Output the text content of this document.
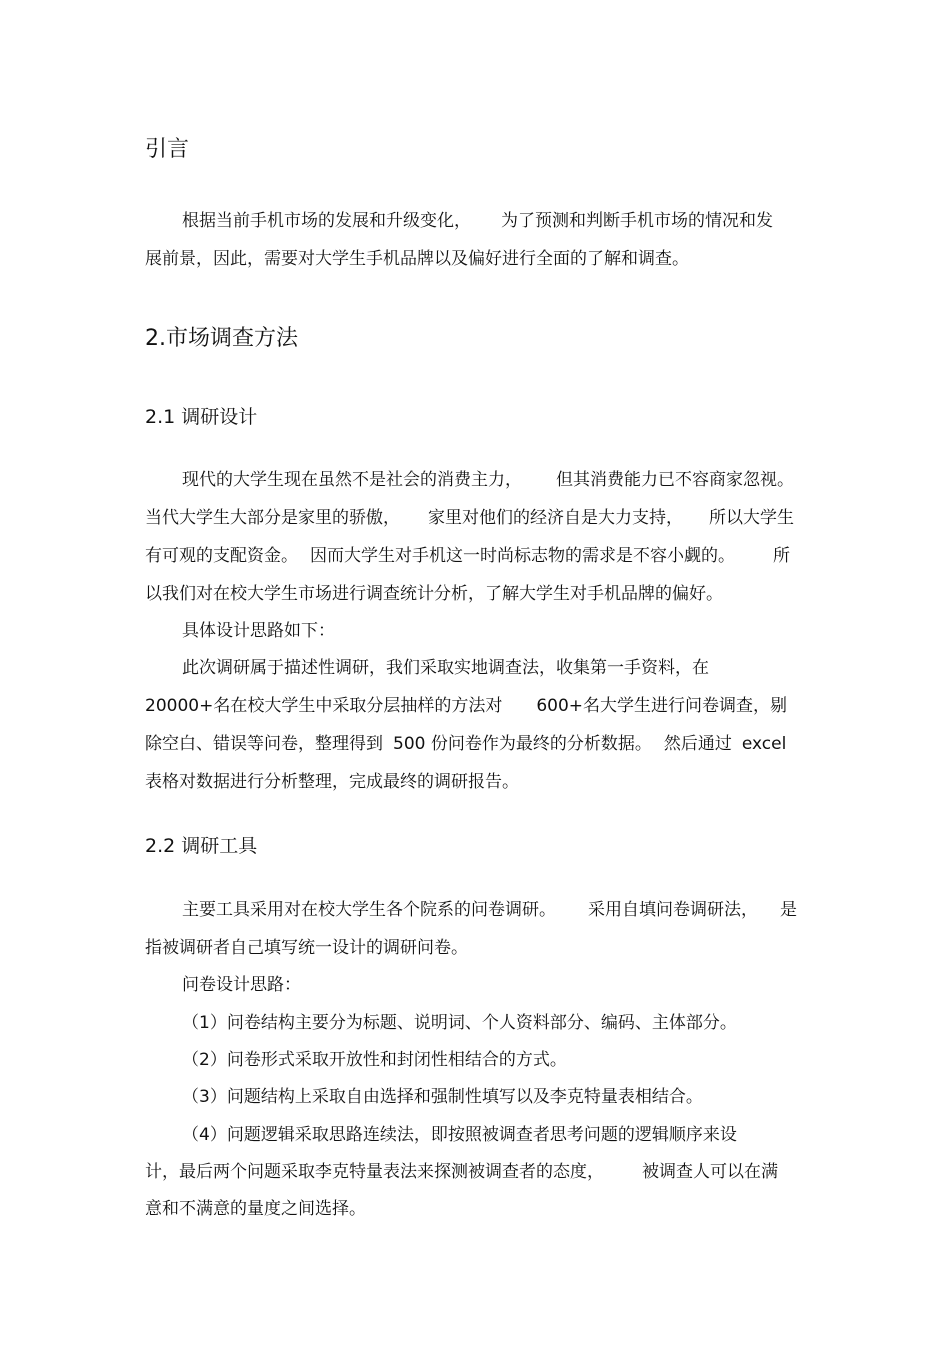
引言
根据当前手机市场的发展和升级变化， 为了预测和判断手机市场的情况和发
展前景，因此，需要对大学生手机品牌以及偏好进行全面的了解和调查。
2.市场调查方法
2.1 调研设计
现代的大学生现在虽然不是社会的消费主力， 但其消费能力已不容商家忽视。
当代大学生大部分是家里的骄傲， 家里对他们的经济自是大力支持， 所以大学生
有可观的支配资金。 因而大学生对手机这一时尚标志物的需求是不容小觑的。 所
以我们对在校大学生市场进行调查统计分析，了解大学生对手机品牌的偏好。
具体设计思路如下：
此次调研属于描述性调研，我们采取实地调查法，收集第一手资料，在
20000+名在校大学生中采取分层抽样的方法对 600+名大学生进行问卷调查，剔
除空白、错误等问卷，整理得到 500 份问卷作为最终的分析数据。 然后通过 excel
表格对数据进行分析整理，完成最终的调研报告。
2.2 调研工具
主要工具采用对在校大学生各个院系的问卷调研。 采用自填问卷调研法， 是
指被调研者自己填写统一设计的调研问卷。
问卷设计思路：
（1）问卷结构主要分为标题、说明词、个人资料部分、编码、主体部分。
（2）问卷形式采取开放性和封闭性相结合的方式。
（3）问题结构上采取自由选择和强制性填写以及李克特量表相结合。
（4）问题逻辑采取思路连续法，即按照被调查者思考问题的逻辑顺序来设
计，最后两个问题采取李克特量表法来探测被调查者的态度， 被调查人可以在满
意和不满意的量度之间选择。
